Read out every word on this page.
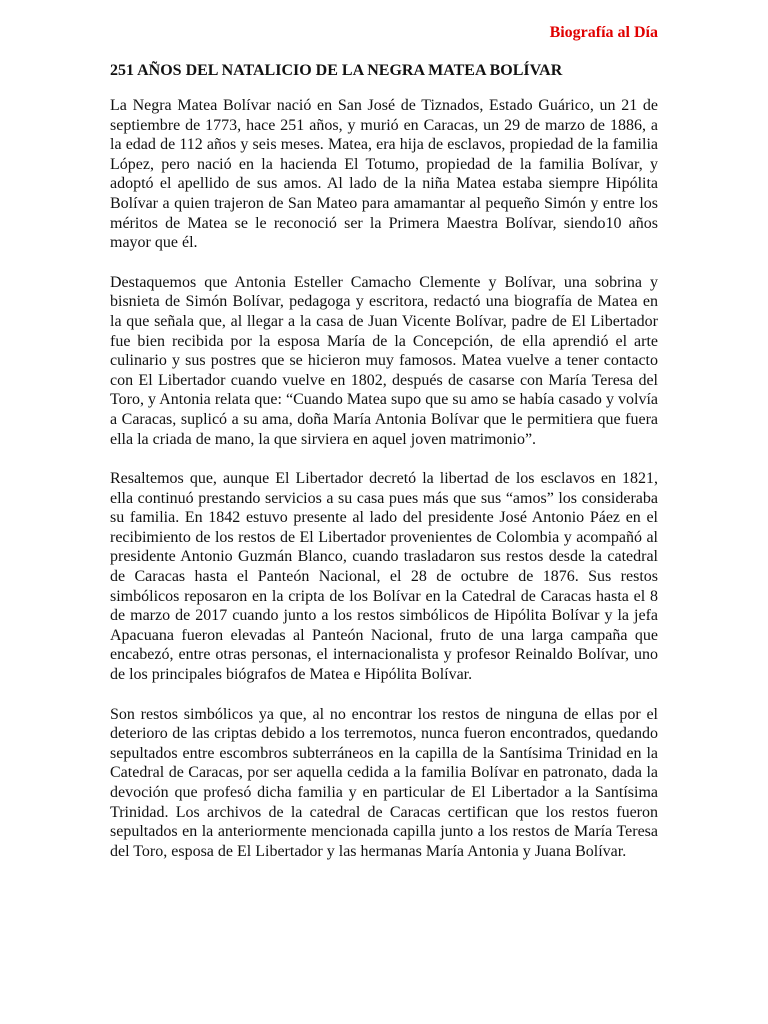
Biografía al Día
251 AÑOS DEL NATALICIO DE LA NEGRA MATEA BOLÍVAR

La Negra Matea Bolívar nació en San José de Tiznados, Estado Guárico, un 21 de septiembre de 1773, hace 251 años, y murió en Caracas, un 29 de marzo de 1886, a la edad de 112 años y seis meses. Matea, era hija de esclavos, propiedad de la familia López, pero nació en la hacienda El Totumo, propiedad de la familia Bolívar, y adoptó el apellido de sus amos. Al lado de la niña Matea estaba siempre Hipólita Bolívar a quien trajeron de San Mateo para amamantar al pequeño Simón y entre los méritos de Matea se le reconoció ser la Primera Maestra Bolívar, siendo10 años mayor que él.

Destaquemos que Antonia Esteller Camacho Clemente y Bolívar, una sobrina y bisnieta de Simón Bolívar, pedagoga y escritora, redactó una biografía de Matea en la que señala que, al llegar a la casa de Juan Vicente Bolívar, padre de El Libertador fue bien recibida por la esposa María de la Concepción, de ella aprendió el arte culinario y sus postres que se hicieron muy famosos. Matea vuelve a tener contacto con El Libertador cuando vuelve en 1802, después de casarse con María Teresa del Toro, y Antonia relata que: “Cuando Matea supo que su amo se había casado y volvía a Caracas, suplicó a su ama, doña María Antonia Bolívar que le permitiera que fuera ella la criada de mano, la que sirviera en aquel joven matrimonio”.

Resaltemos que, aunque El Libertador decretó la libertad de los esclavos en 1821, ella continuó prestando servicios a su casa pues más que sus “amos” los consideraba su familia. En 1842 estuvo presente al lado del presidente José Antonio Páez en el recibimiento de los restos de El Libertador provenientes de Colombia y acompañó al presidente Antonio Guzmán Blanco, cuando trasladaron sus restos desde la catedral de Caracas hasta el Panteón Nacional, el 28 de octubre de 1876. Sus restos simbólicos reposaron en la cripta de los Bolívar en la Catedral de Caracas hasta el 8 de marzo de 2017 cuando junto a los restos simbólicos de Hipólita Bolívar y la jefa Apacuana fueron elevadas al Panteón Nacional, fruto de una larga campaña que encabezó, entre otras personas, el internacionalista y profesor Reinaldo Bolívar, uno de los principales biógrafos de Matea e Hipólita Bolívar.

Son restos simbólicos ya que, al no encontrar los restos de ninguna de ellas por el deterioro de las criptas debido a los terremotos, nunca fueron encontrados, quedando sepultados entre escombros subterráneos en la capilla de la Santísima Trinidad en la Catedral de Caracas, por ser aquella cedida a la familia Bolívar en patronato, dada la devoción que profesó dicha familia y en particular de El Libertador a la Santísima Trinidad. Los archivos de la catedral de Caracas certifican que los restos fueron sepultados en la anteriormente mencionada capilla junto a los restos de María Teresa del Toro, esposa de El Libertador y las hermanas María Antonia y Juana Bolívar.
